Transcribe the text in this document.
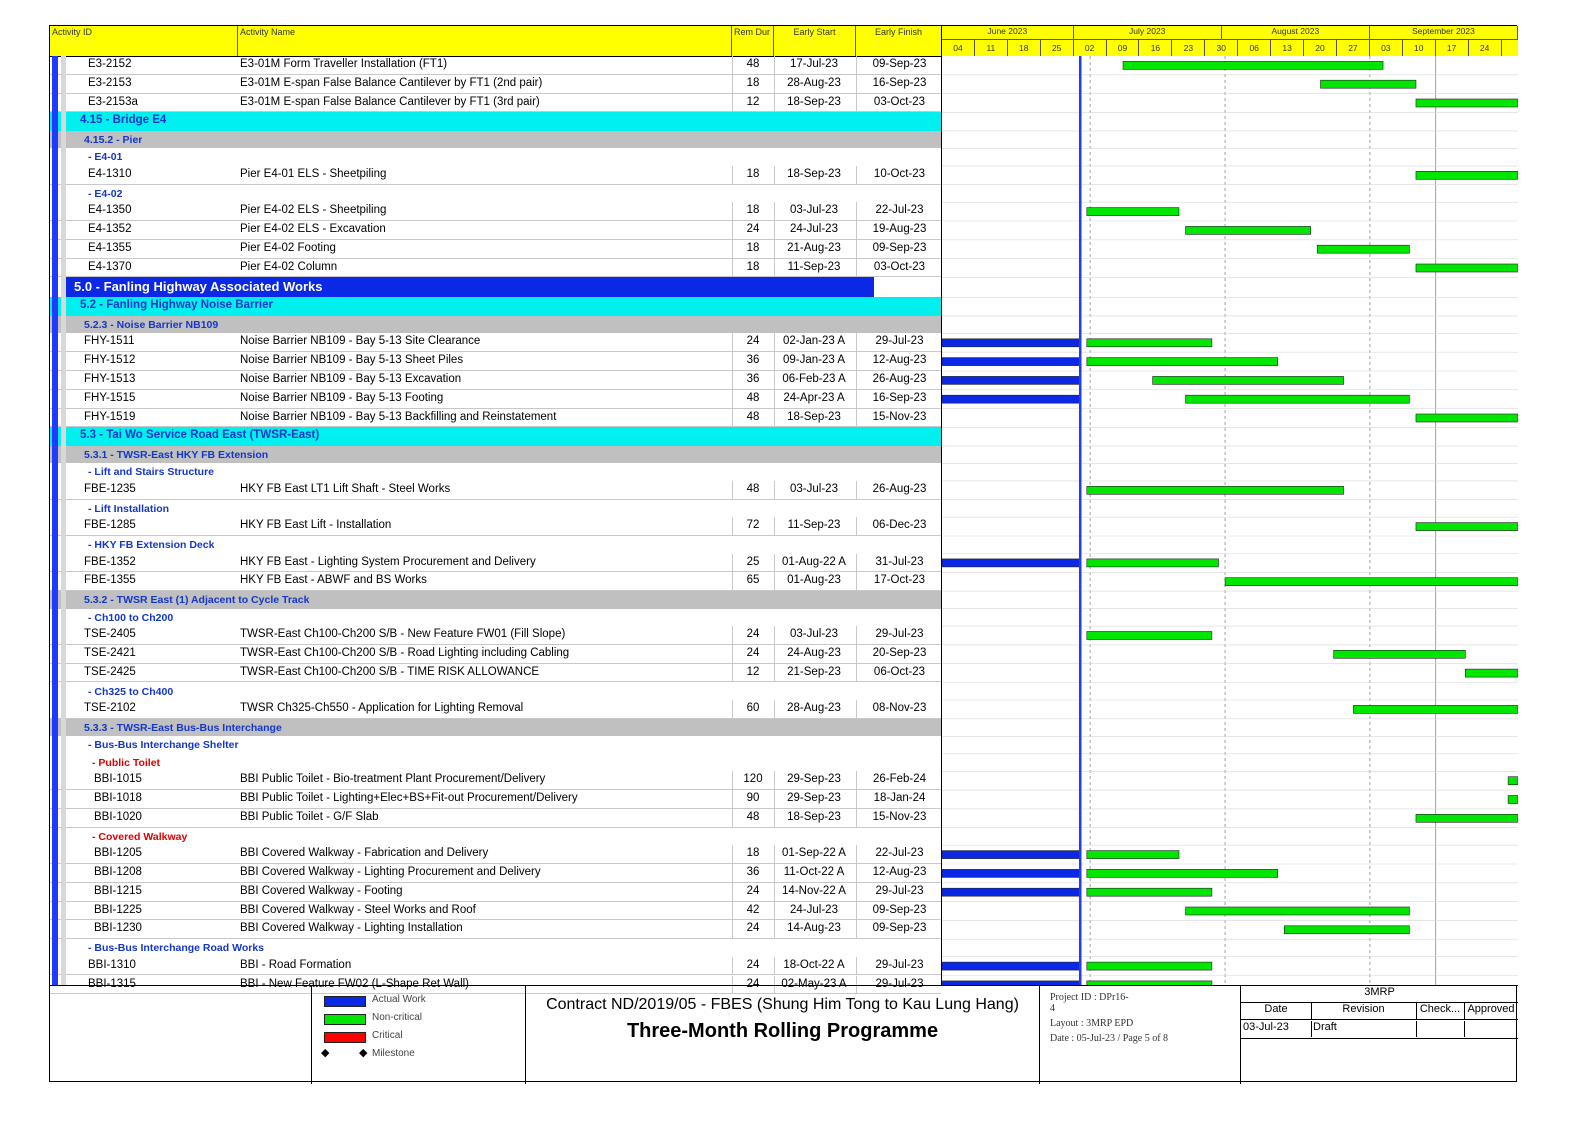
Activity ID	Activity Name	Rem Dur	Early Start	Early Finish
E3-2152	E3-01M Form Traveller Installation (FT1)	48	17-Jul-23	09-Sep-23
E3-2153	E3-01M E-span False Balance Cantilever by FT1 (2nd pair)	18	28-Aug-23	16-Sep-23
E3-2153a	E3-01M E-span False Balance Cantilever by FT1 (3rd pair)	12	18-Sep-23	03-Oct-23
4.15 - Bridge E4
4.15.2 - Pier
- E4-01
E4-1310	Pier E4-01 ELS - Sheetpiling	18	18-Sep-23	10-Oct-23
- E4-02
E4-1350	Pier E4-02 ELS - Sheetpiling	18	03-Jul-23	22-Jul-23
E4-1352	Pier E4-02 ELS - Excavation	24	24-Jul-23	19-Aug-23
E4-1355	Pier E4-02 Footing	18	21-Aug-23	09-Sep-23
E4-1370	Pier E4-02 Column	18	11-Sep-23	03-Oct-23
5.0 - Fanling Highway Associated Works
5.2 - Fanling Highway Noise Barrier
5.2.3 - Noise Barrier NB109
FHY-1511	Noise Barrier NB109 - Bay 5-13 Site Clearance	24	02-Jan-23 A	29-Jul-23
FHY-1512	Noise Barrier NB109 - Bay 5-13 Sheet Piles	36	09-Jan-23 A	12-Aug-23
FHY-1513	Noise Barrier NB109 - Bay 5-13 Excavation	36	06-Feb-23 A	26-Aug-23
FHY-1515	Noise Barrier NB109 - Bay 5-13 Footing	48	24-Apr-23 A	16-Sep-23
FHY-1519	Noise Barrier NB109 - Bay 5-13 Backfilling and Reinstatement	48	18-Sep-23	15-Nov-23
5.3 - Tai Wo Service Road East (TWSR-East)
5.3.1 - TWSR-East HKY FB Extension
- Lift and Stairs Structure
FBE-1235	HKY FB East LT1 Lift Shaft - Steel Works	48	03-Jul-23	26-Aug-23
- Lift Installation
FBE-1285	HKY FB East Lift - Installation	72	11-Sep-23	06-Dec-23
- HKY FB Extension Deck
FBE-1352	HKY FB East - Lighting System Procurement and Delivery	25	01-Aug-22 A	31-Jul-23
FBE-1355	HKY FB East - ABWF and BS Works	65	01-Aug-23	17-Oct-23
5.3.2 - TWSR East (1) Adjacent to Cycle Track
- Ch100 to Ch200
TSE-2405	TWSR-East Ch100-Ch200 S/B - New Feature FW01 (Fill Slope)	24	03-Jul-23	29-Jul-23
TSE-2421	TWSR-East Ch100-Ch200 S/B - Road Lighting including Cabling	24	24-Aug-23	20-Sep-23
TSE-2425	TWSR-East Ch100-Ch200 S/B - TIME RISK ALLOWANCE	12	21-Sep-23	06-Oct-23
- Ch325 to Ch400
TSE-2102	TWSR Ch325-Ch550 - Application for Lighting Removal	60	28-Aug-23	08-Nov-23
5.3.3 - TWSR-East Bus-Bus Interchange
- Bus-Bus Interchange Shelter
- Public Toilet
BBI-1015	BBI Public Toilet - Bio-treatment Plant Procurement/Delivery	120	29-Sep-23	26-Feb-24
BBI-1018	BBI Public Toilet - Lighting+Elec+BS+Fit-out Procurement/Delivery	90	29-Sep-23	18-Jan-24
BBI-1020	BBI Public Toilet - G/F Slab	48	18-Sep-23	15-Nov-23
- Covered Walkway
BBI-1205	BBI Covered Walkway - Fabrication and Delivery	18	01-Sep-22 A	22-Jul-23
BBI-1208	BBI Covered Walkway - Lighting Procurement and Delivery	36	11-Oct-22 A	12-Aug-23
BBI-1215	BBI Covered Walkway - Footing	24	14-Nov-22 A	29-Jul-23
BBI-1225	BBI Covered Walkway - Steel Works and Roof	42	24-Jul-23	09-Sep-23
BBI-1230	BBI Covered Walkway - Lighting Installation	24	14-Aug-23	09-Sep-23
- Bus-Bus Interchange Road Works
BBI-1310	BBI - Road Formation	24	18-Oct-22 A	29-Jul-23
BBI-1315	BBI - New Feature FW02 (L-Shape Ret Wall)	24	02-May-23 A	29-Jul-23
June 2023	July 2023	August 2023	September 2023
04	11	18	25	02	09	16	23	30	06	13	20	27	03	10	17	24
Actual Work
Non-critical
Critical
◆	◆ Milestone
Contract ND/2019/05 - FBES (Shung Him Tong to Kau Lung Hang)
Three-Month Rolling Programme
Project ID : DPr16-
4
Layout : 3MRP EPD
Date : 05-Jul-23 / Page 5 of 8
3MRP
Date	Revision	Check... Approved
03-Jul-23	Draft
